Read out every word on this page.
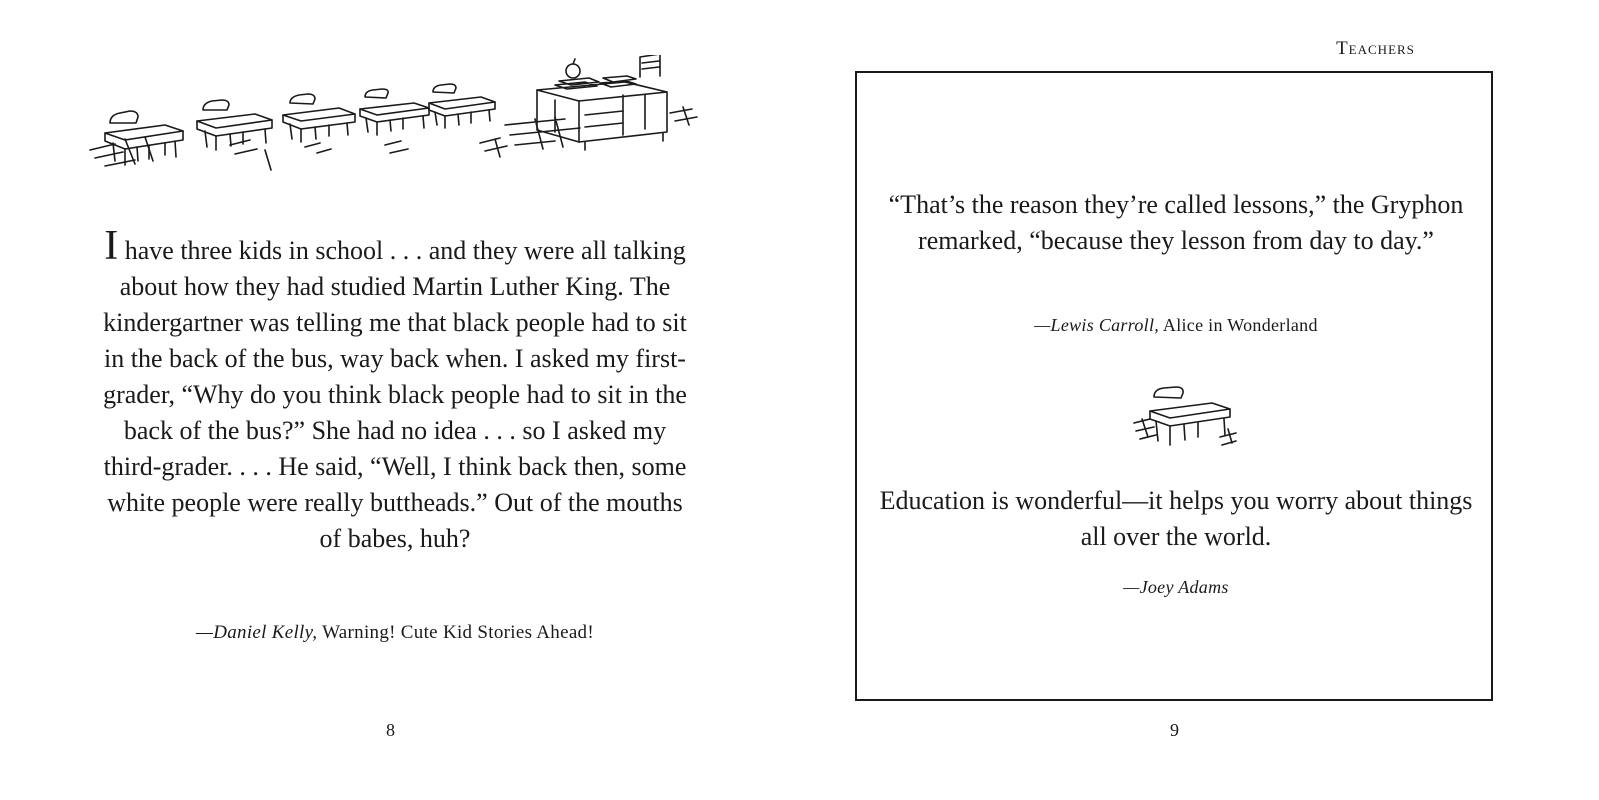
I have three kids in school . . . and they were all talking about how they had studied Martin Luther King. The kindergartner was telling me that black people had to sit in the back of the bus, way back when. I asked my first-grader, “Why do you think black people had to sit in the back of the bus?” She had no idea . . . so I asked my third-grader. . . . He said, “Well, I think back then, some white people were really buttheads.” Out of the mouths of babes, huh?
—Daniel Kelly, Warning! Cute Kid Stories Ahead!
8
Teachers
“That’s the reason they’re called lessons,” the Gryphon remarked, “because they lesson from day to day.”
—Lewis Carroll, Alice in Wonderland
Education is wonderful—it helps you worry about things all over the world.
—Joey Adams
9
